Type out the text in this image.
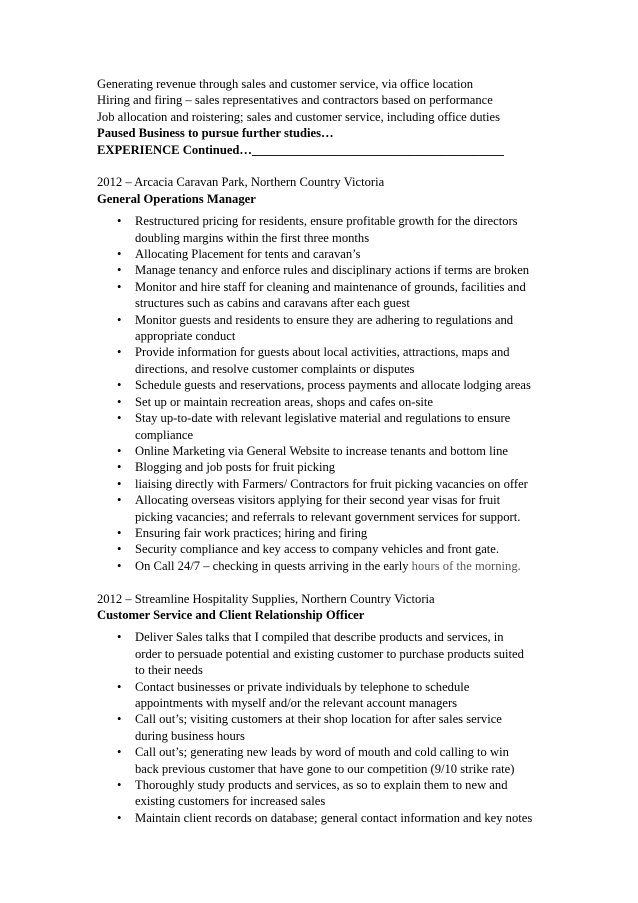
Generating revenue through sales and customer service, via office location
Hiring and firing – sales representatives and contractors based on performance
Job allocation and roistering; sales and customer service, including office duties
Paused Business to pursue further studies…
EXPERIENCE Continued…________________________________________
2012 – Arcacia Caravan Park, Northern Country Victoria
General Operations Manager
• Restructured pricing for residents, ensure profitable growth for the directors
doubling margins within the first three months
• Allocating Placement for tents and caravan’s
• Manage tenancy and enforce rules and disciplinary actions if terms are broken
• Monitor and hire staff for cleaning and maintenance of grounds, facilities and
structures such as cabins and caravans after each guest
• Monitor guests and residents to ensure they are adhering to regulations and
appropriate conduct
• Provide information for guests about local activities, attractions, maps and
directions, and resolve customer complaints or disputes
• Schedule guests and reservations, process payments and allocate lodging areas
• Set up or maintain recreation areas, shops and cafes on-site
• Stay up-to-date with relevant legislative material and regulations to ensure
compliance
• Online Marketing via General Website to increase tenants and bottom line
• Blogging and job posts for fruit picking
• liaising directly with Farmers/ Contractors for fruit picking vacancies on offer
• Allocating overseas visitors applying for their second year visas for fruit
picking vacancies; and referrals to relevant government services for support.
• Ensuring fair work practices; hiring and firing
• Security compliance and key access to company vehicles and front gate.
• On Call 24/7 – checking in quests arriving in the early hours of the morning.
2012 – Streamline Hospitality Supplies, Northern Country Victoria
Customer Service and Client Relationship Officer
• Deliver Sales talks that I compiled that describe products and services, in
order to persuade potential and existing customer to purchase products suited
to their needs
• Contact businesses or private individuals by telephone to schedule
appointments with myself and/or the relevant account managers
• Call out’s; visiting customers at their shop location for after sales service
during business hours
• Call out’s; generating new leads by word of mouth and cold calling to win
back previous customer that have gone to our competition (9/10 strike rate)
• Thoroughly study products and services, as so to explain them to new and
existing customers for increased sales
• Maintain client records on database; general contact information and key notes
